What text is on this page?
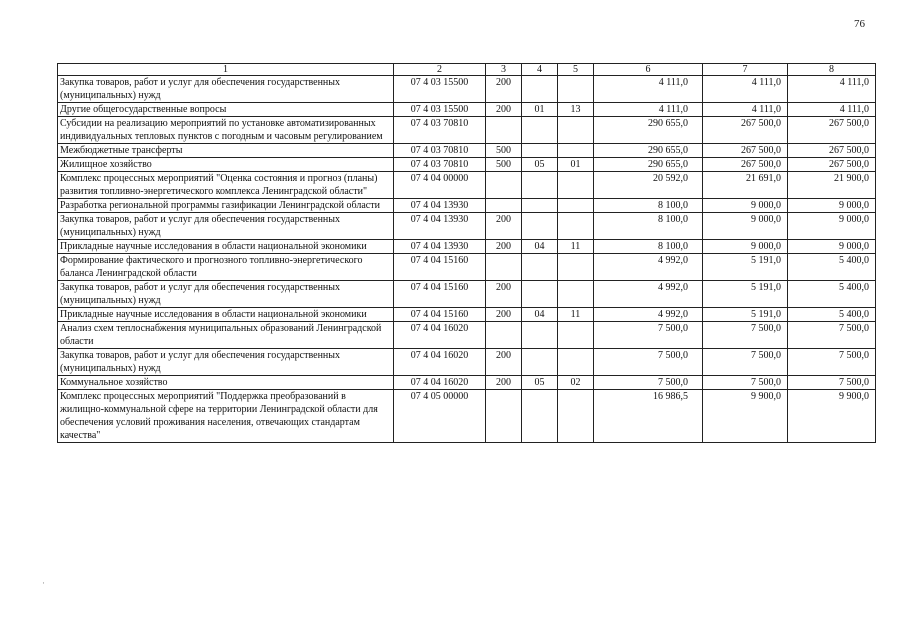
76
1	2	3	4	5	6	7	8
Закупка товаров, работ и услуг для обеспечения государственных (муниципальных) нужд	07 4 03 15500	200			4 111,0	4 111,0	4 111,0
Другие общегосударственные вопросы	07 4 03 15500	200	01	13	4 111,0	4 111,0	4 111,0
Субсидии на реализацию мероприятий по установке автоматизированных индивидуальных тепловых пунктов с погодным и часовым регулированием	07 4 03 70810				290 655,0	267 500,0	267 500,0
Межбюджетные трансферты	07 4 03 70810	500			290 655,0	267 500,0	267 500,0
Жилищное хозяйство	07 4 03 70810	500	05	01	290 655,0	267 500,0	267 500,0
Комплекс процессных мероприятий "Оценка состояния и прогноз (планы) развития топливно-энергетического комплекса Ленинградской области"	07 4 04 00000				20 592,0	21 691,0	21 900,0
Разработка региональной программы газификации Ленинградской области	07 4 04 13930				8 100,0	9 000,0	9 000,0
Закупка товаров, работ и услуг для обеспечения государственных (муниципальных) нужд	07 4 04 13930	200			8 100,0	9 000,0	9 000,0
Прикладные научные исследования в области национальной экономики	07 4 04 13930	200	04	11	8 100,0	9 000,0	9 000,0
Формирование фактического и прогнозного топливно-энергетического баланса Ленинградской области	07 4 04 15160				4 992,0	5 191,0	5 400,0
Закупка товаров, работ и услуг для обеспечения государственных (муниципальных) нужд	07 4 04 15160	200			4 992,0	5 191,0	5 400,0
Прикладные научные исследования в области национальной экономики	07 4 04 15160	200	04	11	4 992,0	5 191,0	5 400,0
Анализ схем теплоснабжения муниципальных образований Ленинградской области	07 4 04 16020				7 500,0	7 500,0	7 500,0
Закупка товаров, работ и услуг для обеспечения государственных (муниципальных) нужд	07 4 04 16020	200			7 500,0	7 500,0	7 500,0
Коммунальное хозяйство	07 4 04 16020	200	05	02	7 500,0	7 500,0	7 500,0
Комплекс процессных мероприятий "Поддержка преобразований в жилищно-коммунальной сфере на территории Ленинградской области для обеспечения условий проживания населения, отвечающих стандартам качества"	07 4 05 00000				16 986,5	9 900,0	9 900,0
·
